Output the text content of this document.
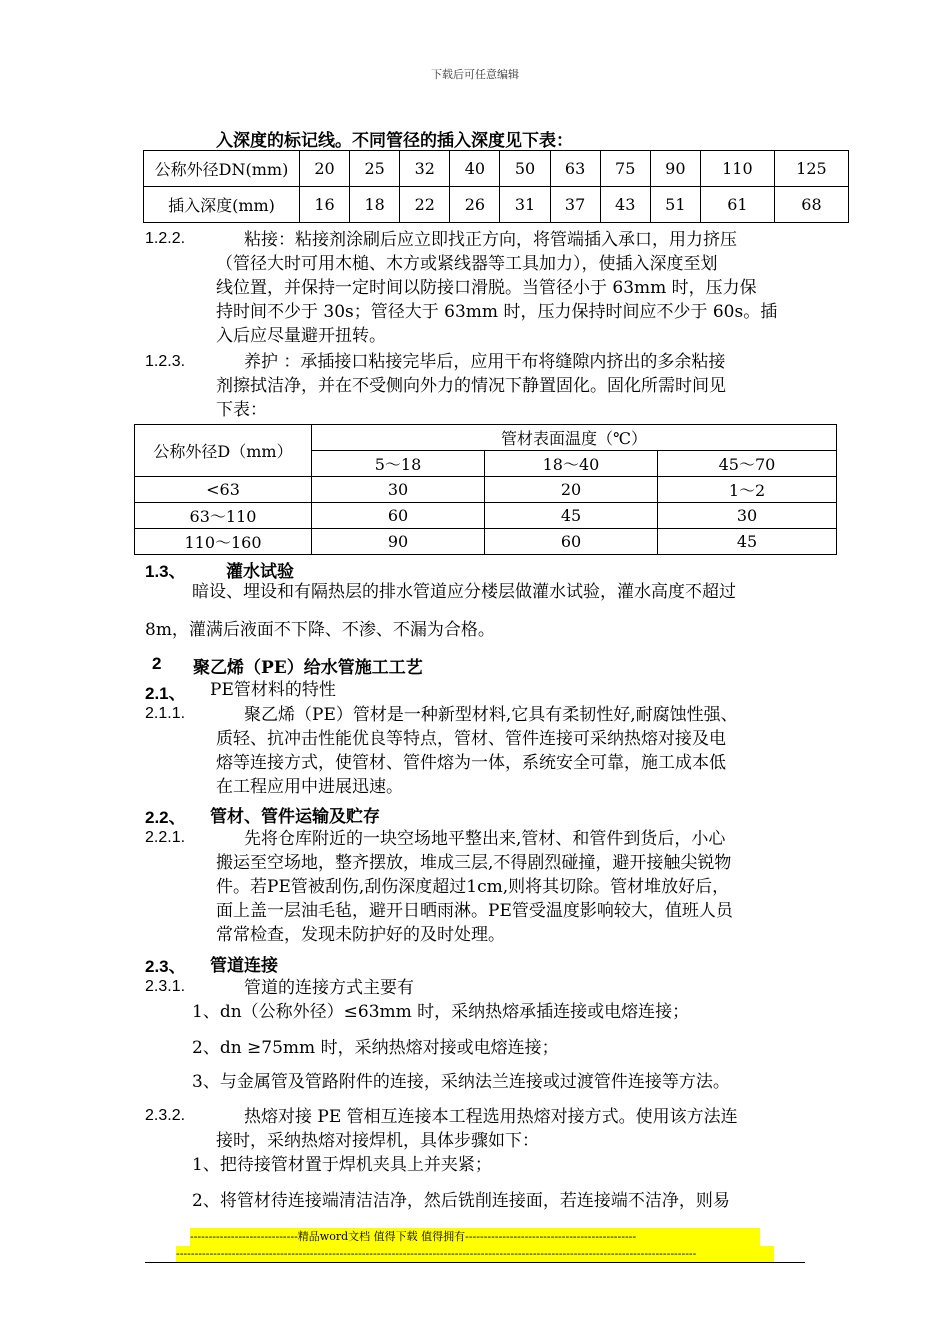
下载后可任意编辑
入深度的标记线。不同管径的插入深度见下表：
公称外径DN(mm)	20	25	32	40	50	63	75	90	110	125
插入深度(mm)	16	18	22	26	31	37	43	51	61	68
1.2.2.	粘接：粘接剂涂刷后应立即找正方向，将管端插入承口，用力挤压
（管径大时可用木槌、木方或紧线器等工具加力），使插入深度至划
线位置，并保持一定时间以防接口滑脱。当管径小于 63mm 时，压力保
持时间不少于 30s；管径大于 63mm 时，压力保持时间应不少于 60s。插
入后应尽量避开扭转。
1.2.3.	养护 ：承插接口粘接完毕后，应用干布将缝隙内挤出的多余粘接
剂擦拭洁净，并在不受侧向外力的情况下静置固化。固化所需时间见
下表：
公称外径D（mm）	管材表面温度（℃）		
	5～18	18～40	45～70
<63	30	20	1～2
63～110	60	45	30
110～160	90	60	45
1.3、 灌水试验
暗设、埋设和有隔热层的排水管道应分楼层做灌水试验，灌水高度不超过
8m，灌满后液面不下降、不渗、不漏为合格。
2 聚乙烯（PE）给水管施工工艺
2.1、 PE管材料的特性
2.1.1.	聚乙烯（PE）管材是一种新型材料,它具有柔韧性好,耐腐蚀性强、
质轻、抗冲击性能优良等特点，管材、管件连接可采纳热熔对接及电
熔等连接方式，使管材、管件熔为一体，系统安全可靠，施工成本低
在工程应用中进展迅速。
2.2、 管材、管件运输及贮存
2.2.1.	先将仓库附近的一块空场地平整出来,管材、和管件到货后，小心
搬运至空场地，整齐摆放，堆成三层,不得剧烈碰撞，避开接触尖锐物
件。若PE管被刮伤,刮伤深度超过1cm,则将其切除。管材堆放好后，
面上盖一层油毛毡，避开日晒雨淋。PE管受温度影响较大，值班人员
常常检查，发现未防护好的及时处理。
2.3、 管道连接
2.3.1.	管道的连接方式主要有
1、dn（公称外径）≤63mm 时，采纳热熔承插连接或电熔连接；
2、dn ≥75mm 时，采纳热熔对接或电熔连接；
3、与金属管及管路附件的连接，采纳法兰连接或过渡管件连接等方法。
2.3.2.	热熔对接 PE 管相互连接本工程选用热熔对接方式。使用该方法连
接时，采纳热熔对接焊机，具体步骤如下：
1、把待接管材置于焊机夹具上并夹紧；
2、将管材待连接端清洁洁净，然后铣削连接面，若连接端不洁净，则易
-----------------------------精品word文档 值得下载 值得拥有----------------------------------------------
--------------------------------------------------------------------------------------------------------------------------------------------
